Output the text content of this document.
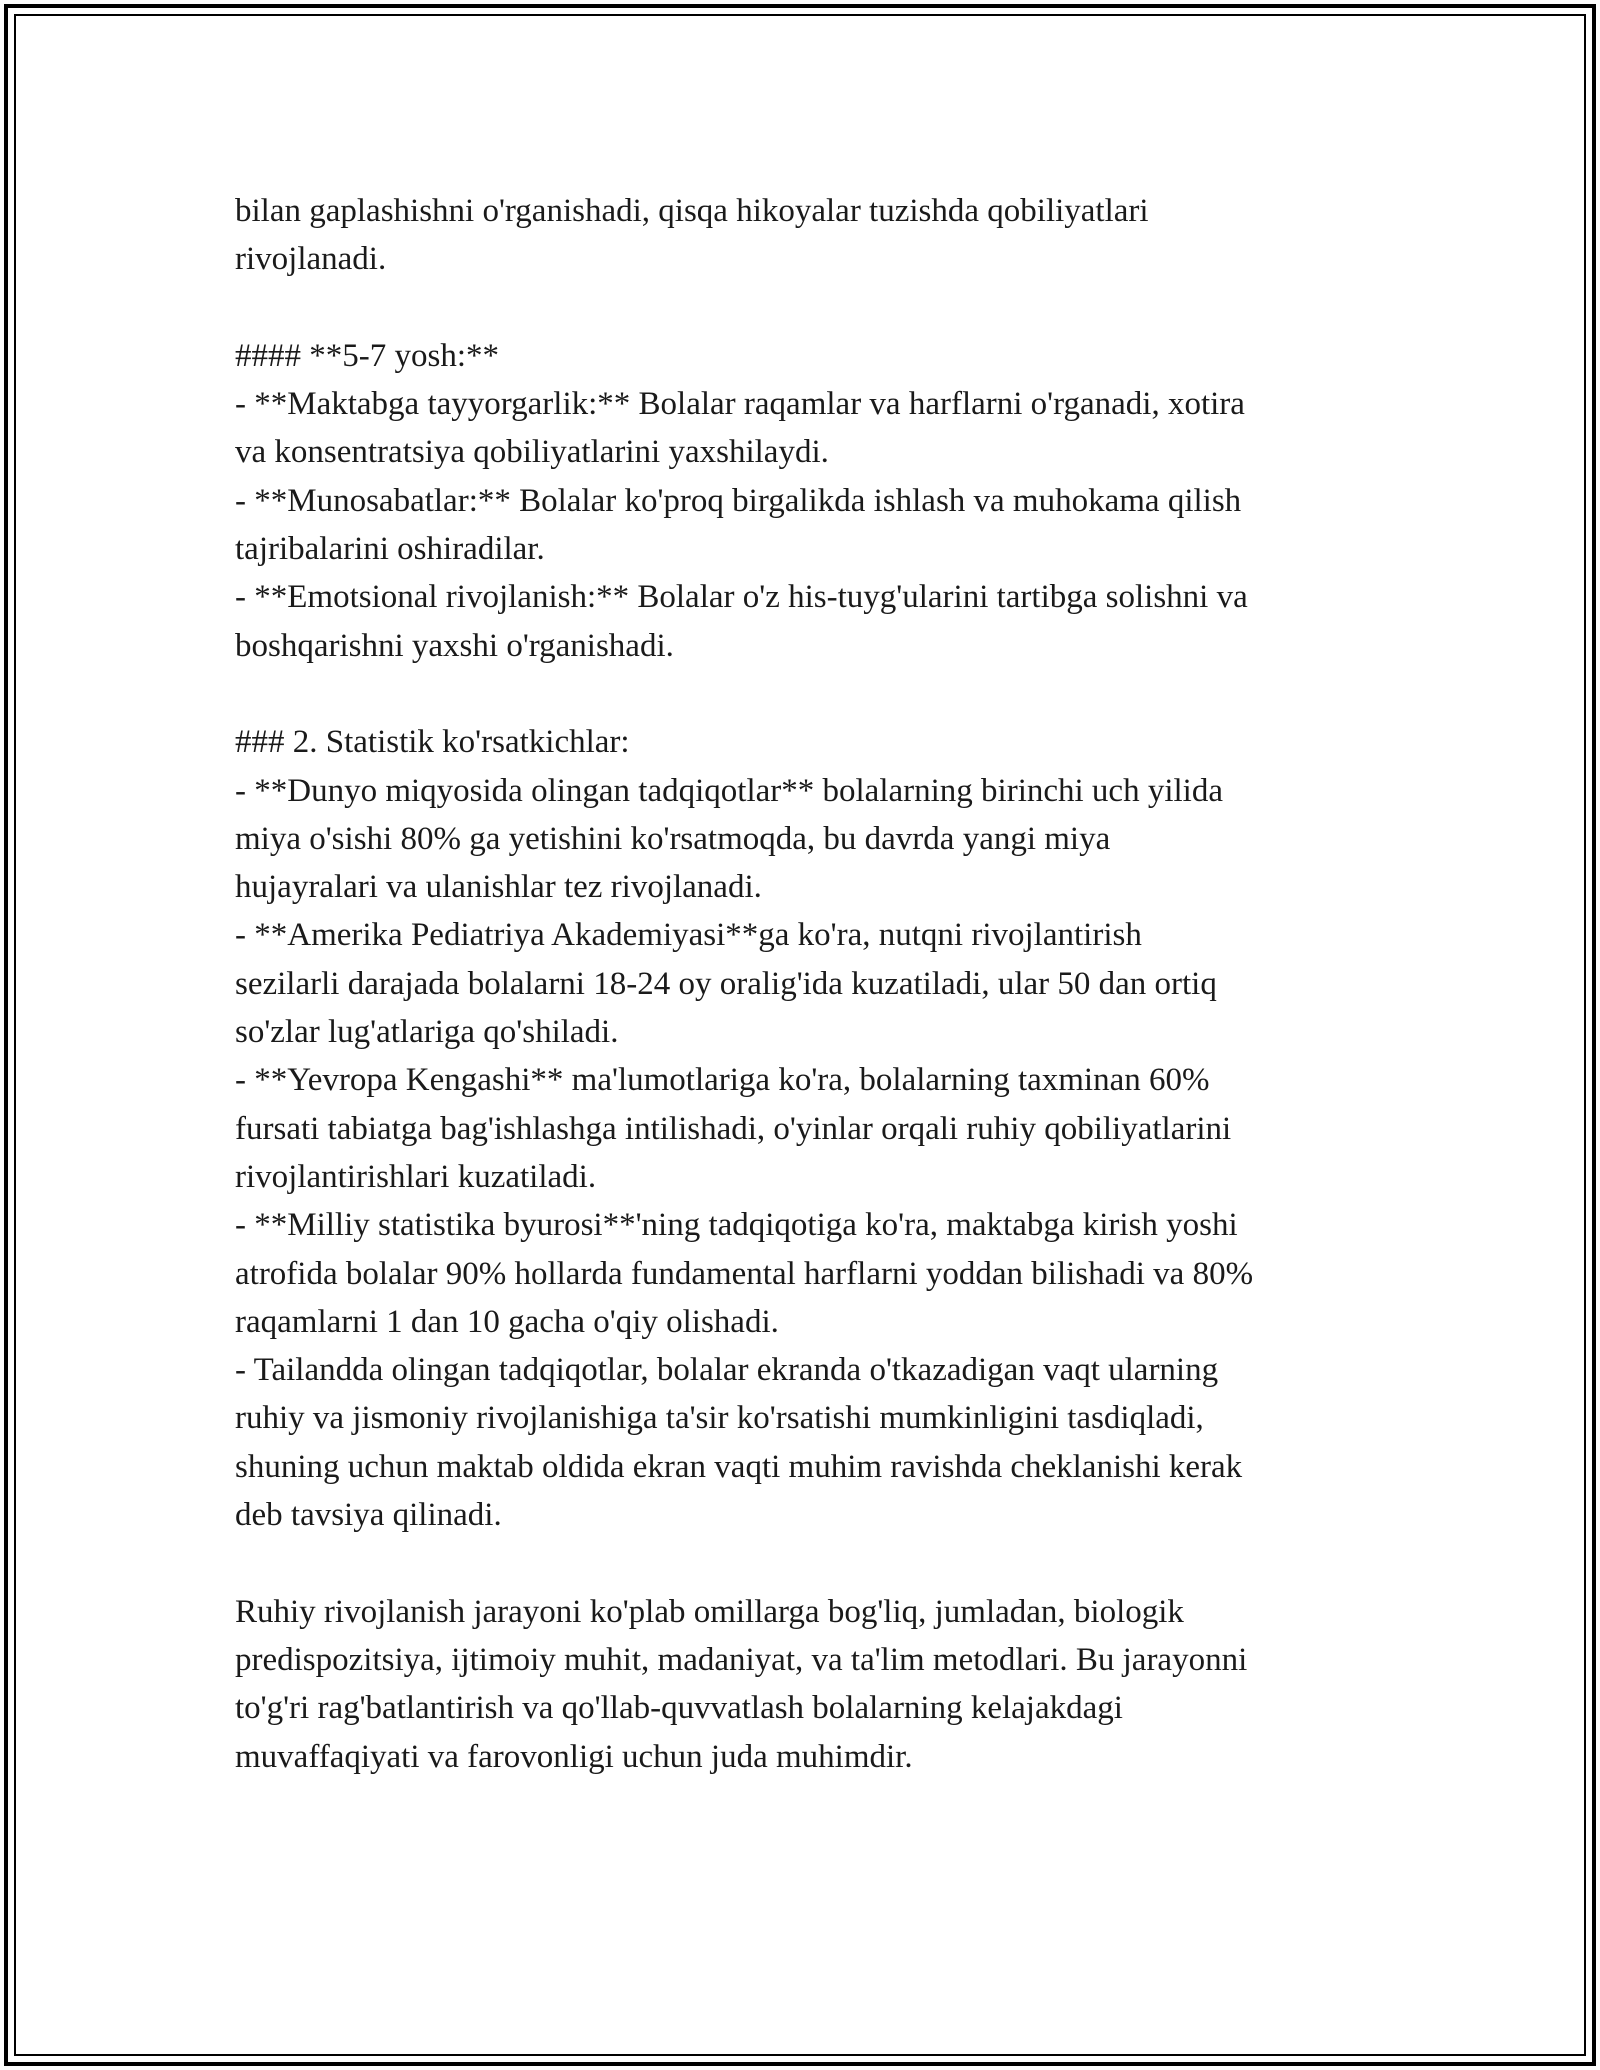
bilan gaplashishni o'rganishadi, qisqa hikoyalar tuzishda qobiliyatlari
rivojlanadi.
#### **5-7 yosh:**
- **Maktabga tayyorgarlik:** Bolalar raqamlar va harflarni o'rganadi, xotira
va konsentratsiya qobiliyatlarini yaxshilaydi.
- **Munosabatlar:** Bolalar ko'proq birgalikda ishlash va muhokama qilish
tajribalarini oshiradilar.
- **Emotsional rivojlanish:** Bolalar o'z his-tuyg'ularini tartibga solishni va
boshqarishni yaxshi o'rganishadi.
### 2. Statistik ko'rsatkichlar:
- **Dunyo miqyosida olingan tadqiqotlar** bolalarning birinchi uch yilida
miya o'sishi 80% ga yetishini ko'rsatmoqda, bu davrda yangi miya
hujayralari va ulanishlar tez rivojlanadi.
- **Amerika Pediatriya Akademiyasi**ga ko'ra, nutqni rivojlantirish
sezilarli darajada bolalarni 18-24 oy oralig'ida kuzatiladi, ular 50 dan ortiq
so'zlar lug'atlariga qo'shiladi.
- **Yevropa Kengashi** ma'lumotlariga ko'ra, bolalarning taxminan 60%
fursati tabiatga bag'ishlashga intilishadi, o'yinlar orqali ruhiy qobiliyatlarini
rivojlantirishlari kuzatiladi.
- **Milliy statistika byurosi**'ning tadqiqotiga ko'ra, maktabga kirish yoshi
atrofida bolalar 90% hollarda fundamental harflarni yoddan bilishadi va 80%
raqamlarni 1 dan 10 gacha o'qiy olishadi.
- Tailandda olingan tadqiqotlar, bolalar ekranda o'tkazadigan vaqt ularning
ruhiy va jismoniy rivojlanishiga ta'sir ko'rsatishi mumkinligini tasdiqladi,
shuning uchun maktab oldida ekran vaqti muhim ravishda cheklanishi kerak
deb tavsiya qilinadi.
Ruhiy rivojlanish jarayoni ko'plab omillarga bog'liq, jumladan, biologik
predispozitsiya, ijtimoiy muhit, madaniyat, va ta'lim metodlari. Bu jarayonni
to'g'ri rag'batlantirish va qo'llab-quvvatlash bolalarning kelajakdagi
muvaffaqiyati va farovonligi uchun juda muhimdir.
